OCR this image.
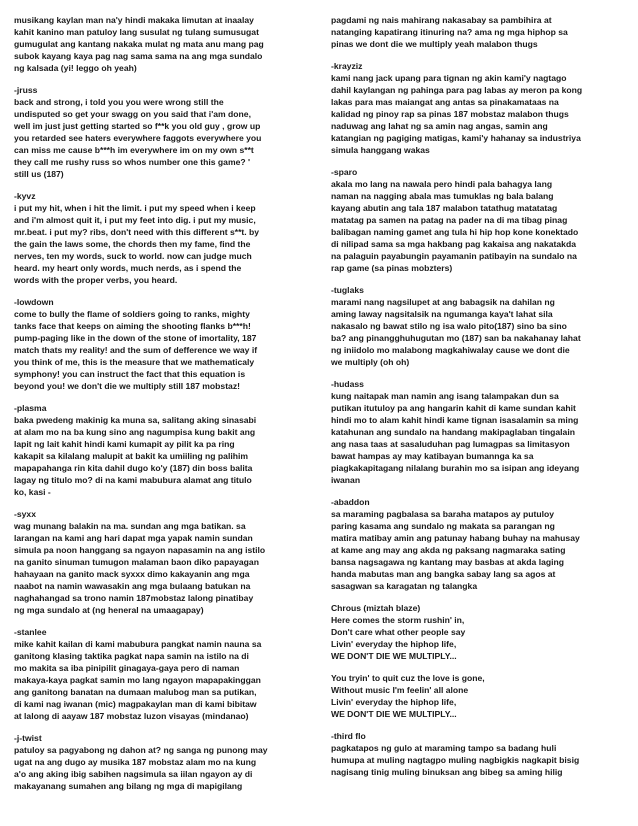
musikang kaylan man na'y hindi makaka limutan at inaalay
kahit kanino man patuloy lang susulat ng tulang sumusugat
gumugulat ang kantang nakaka mulat ng mata anu mang pag
subok kayang kaya pag nag sama sama na ang mga sundalo
ng kalsada (yi! leggo oh yeah)
-jruss
back and strong, i told you you were wrong still the
undisputed so get your swagg on you said that i'am done,
well im just just getting started so f**k you old guy , grow up
you retarded see haters everywhere faggots everywhere you
can miss me cause b***h im everywhere im on my own s**t
they call me rushy russ so whos number one this game? '
still us (187)
-kyvz
i put my hit, when i hit the limit. i put my speed when i keep
and i'm almost quit it, i put my feet into dig. i put my music,
mr.beat. i put my? ribs, don't need with this different s**t. by
the gain the laws some, the chords then my fame, find the
nerves, ten my words, suck to world. now can judge much
heard. my heart only words, much nerds, as i spend the
words with the proper verbs, you heard.
-lowdown
come to bully the flame of soldiers going to ranks, mighty
tanks face that keeps on aiming the shooting flanks b***h!
pump-paging like in the down of the stone of imortality, 187
match thats my reality! and the sum of defference we way if
you think of me, this is the measure that we mathematicaly
symphony! you can instruct the fact that this equation is
beyond you! we don't die we multiply still 187 mobstaz!
-plasma
baka pwedeng makinig ka muna sa, salitang aking sinasabi
at alam mo na ba kung sino ang nagumpisa kung bakit ang
lapit ng lait kahit hindi kami kumapit ay pilit ka pa ring
kakapit sa kilalang malupit at bakit ka umiiling ng palihim
mapapahanga rin kita dahil dugo ko'y (187) din boss balita
lagay ng titulo mo? di na kami mabubura alamat ang titulo
ko, kasi -
-syxx
wag munang balakin na ma. sundan ang mga batikan. sa
larangan na kami ang hari dapat mga yapak namin sundan
simula pa noon hanggang sa ngayon napasamin na ang istilo
na ganito sinuman tumugon malaman baon diko papayagan
hahayaan na ganito mack syxxx dimo kakayanin ang mga
naabot na namin wawasakin ang mga bulaang batukan na
naghahangad sa trono namin 187mobstaz lalong pinatibay
ng mga sundalo at (ng heneral na umaagapay)
-stanlee
mike kahit kailan di kami mabubura pangkat namin nauna sa
ganitong klasing taktika pagkat napa samin na istilo na di
mo makita sa iba pinipilit ginagaya-gaya pero di naman
makaya-kaya pagkat samin mo lang ngayon mapapakinggan
ang ganitong banatan na dumaan malubog man sa putikan,
di kami nag iwanan (mic) magpakaylan man di kami bibitaw
at lalong di aayaw 187 mobstaz luzon visayas (mindanao)
-j-twist
patuloy sa pagyabong ng dahon at? ng sanga ng punong may
ugat na ang dugo ay musika 187 mobstaz alam mo na kung
a'o ang aking ibig sabihen nagsimula sa iilan ngayon ay di
makayanang sumahen ang bilang ng mga di mapigilang
pagdami ng nais mahirang nakasabay sa pambihira at
natanging kapatirang itinuring na? ama ng mga hiphop sa
pinas we dont die we multiply yeah malabon thugs
-krayziz
kami nang jack upang para tignan ng akin kami'y nagtago
dahil kaylangan ng pahinga para pag labas ay meron pa kong
lakas para mas maiangat ang antas sa pinakamataas na
kalidad ng pinoy rap sa pinas 187 mobstaz malabon thugs
naduwag ang lahat ng sa amin nag angas, samin ang
katangian ng pagiging matigas, kami'y hahanay sa industriya
simula hanggang wakas
-sparo
akala mo lang na nawala pero hindi pala bahagya lang
naman na nagging abala mas tumuklas ng bala balang
kayang abutin ang tala 187 malabon tatathug matatatag
matatag pa samen na patag na pader na di ma tibag pinag
balibagan naming gamet ang tula hi hip hop kone konektado
di nilipad sama sa mga hakbang pag kakaisa ang nakatakda
na palaguin payabungin payamanin patibayin na sundalo na
rap game (sa pinas mobzters)
-tuglaks
marami nang nagsilupet at ang babagsik na dahilan ng
aming laway nagsitalsik na ngumanga kaya't lahat sila
nakasalo ng bawat stilo ng isa walo pito(187) sino ba sino
ba? ang pinangghuhugutan mo (187) san ba nakahanay lahat
ng iniidolo mo malabong magkahiwalay cause we dont die
we multiply (oh oh)
-hudass
kung naitapak man namin ang isang talampakan dun sa
putikan itutuloy pa ang hangarin kahit di kame sundan kahit
hindi mo to alam kahit hindi kame tignan isasalamin sa ming
katahunan ang sundalo na handang makipaglaban tingalain
ang nasa taas at sasaluduhan pag lumagpas sa limitasyon
bawat hampas ay may katibayan bumannga ka sa
piagkakapitagang nilalang burahin mo sa isipan ang ideyang
iwanan
-abaddon
sa maraming pagbalasa sa baraha matapos ay putuloy
paring kasama ang sundalo ng makata sa parangan ng
matira matibay amin ang patunay habang buhay na mahusay
at kame ang may ang akda ng paksang nagmaraka sating
bansa nagsagawa ng kantang may basbas at akda laging
handa mabutas man ang bangka sabay lang sa agos at
sasagwan sa karagatan ng talangka
Chrous (miztah blaze)
Here comes the storm rushin' in,
Don't care what other people say
Livin' everyday the hiphop life,
WE DON'T DIE WE MULTIPLY...
You tryin' to quit cuz the love is gone,
Without music I'm feelin' all alone
Livin' everyday the hiphop life,
WE DON'T DIE WE MULTIPLY...
-third flo
pagkatapos ng gulo at maraming tampo sa badang huli
humupa at muling nagtagpo muling nagbigkis nagkapit bisig
nagisang tinig muling binuksan ang bibeg sa aming hilig
